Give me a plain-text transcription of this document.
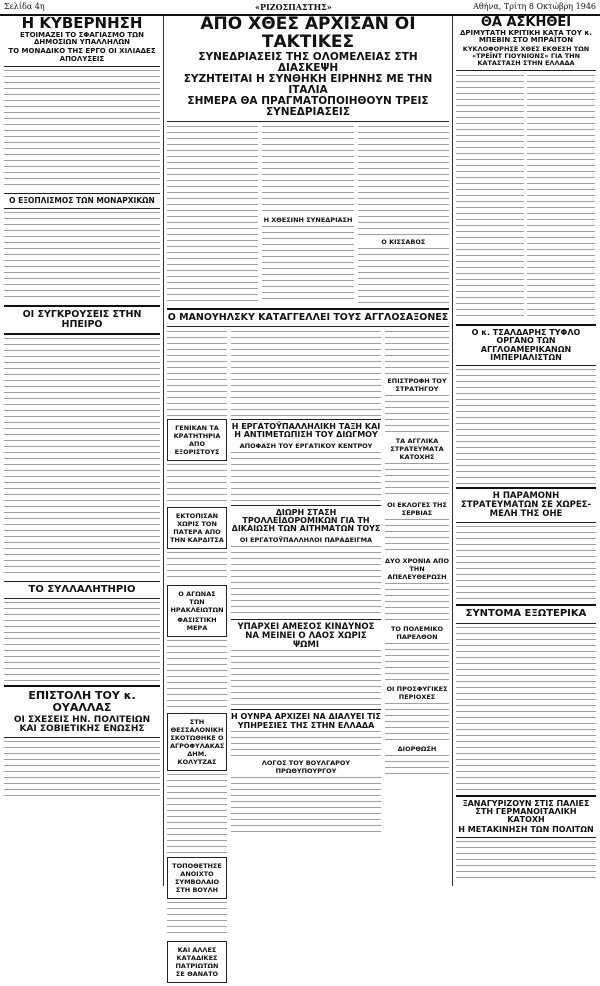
Σελίδα 4η	«ΡΙΖΟΣΠΑΣΤΗΣ»	Αθήνα, Τρίτη 8 Οκτώβρη 1946
Η ΚΥΒΕΡΝΗΣΗ
ΕΤΟΙΜΑΖΕΙ ΤΟ ΣΦΑΓΙΑΣΜΟ ΤΩΝ ΔΗΜΟΣΙΩΝ ΥΠΑΛΛΗΛΩΝ
ΤΟ ΜΟΝΑΔΙΚΟ ΤΗΣ ΕΡΓΟ ΟΙ ΧΙΛΙΑΔΕΣ ΑΠΟΛΥΣΕΙΣ
Ο ΕΞΟΠΛΙΣΜΟΣ ΤΩΝ ΜΟΝΑΡΧΙΚΩΝ
ΟΙ ΣΥΓΚΡΟΥΣΕΙΣ ΣΤΗΝ ΗΠΕΙΡΟ
ΤΟ ΣΥΛΛΑΛΗΤΗΡΙΟ
ΕΠΙΣΤΟΛΗ ΤΟΥ κ. ΟΥΑΛΛΑΣ
ΟΙ ΣΧΕΣΕΙΣ ΗΝ. ΠΟΛΙΤΕΙΩΝ ΚΑΙ ΣΟΒΙΕΤΙΚΗΣ ΕΝΩΣΗΣ
ΑΠΟ ΧΘΕΣ ΑΡΧΙΣΑΝ ΟΙ ΤΑΚΤΙΚΕΣ
ΣΥΝΕΔΡΙΑΣΕΙΣ ΤΗΣ ΟΛΟΜΕΛΕΙΑΣ ΣΤΗ ΔΙΑΣΚΕΨΗ
ΣΥΖΗΤΕΙΤΑΙ Η ΣΥΝΘΗΚΗ ΕΙΡΗΝΗΣ ΜΕ ΤΗΝ ΙΤΑΛΙΑ
ΣΗΜΕΡΑ ΘΑ ΠΡΑΓΜΑΤΟΠΟΙΗΘΟΥΝ ΤΡΕΙΣ ΣΥΝΕΔΡΙΑΣΕΙΣ
Η ΧΘΕΣΙΝΗ ΣΥΝΕΔΡΙΑΣΗ
Ο ΚΙΣΣΑΒΟΣ
Ο ΜΑΝΟΥΗΛΣΚΥ ΚΑΤΑΓΓΕΛΛΕΙ ΤΟΥΣ ΑΓΓΛΟΣΑΞΟΝΕΣ
ΓΕΝΙΚΑΝ ΤΑ ΚΡΑΤΗΤΗΡΙΑ ΑΠΟ ΕΞΟΡΙΣΤΟΥΣ
ΕΚΤΟΠΙΣΑΝ ΧΩΡΙΣ ΤΟΝ ΠΑΤΕΡΑ ΑΠΟ ΤΗΝ ΚΑΡΔΙΤΣΑ
Ο ΑΓΩΝΑΣ ΤΩΝ ΗΡΑΚΛΕΙΩΤΩΝ
ΦΑΣΙΣΤΙΚΗ ΜΕΡΑ
ΣΤΗ ΘΕΣΣΑΛΟΝΙΚΗ ΣΚΟΤΩΘΗΚΕ Ο ΑΓΡΟΦΥΛΑΚΑΣ ΔΗΜ. ΚΟΛΥΤΖΑΣ
ΤΟΠΟΘΕΤΗΣΕ ΑΝΟΙΧΤΟ ΣΥΜΒΟΛΑΙΟ ΣΤΗ ΒΟΥΛΗ
ΚΑΙ ΑΛΛΕΣ ΚΑΤΑΔΙΚΕΣ ΠΑΤΡΙΩΤΩΝ ΣΕ ΘΑΝΑΤΟ
Η ΕΡΓΑΤΟΫΠΑΛΛΗΛΙΚΗ ΤΑΞΗ ΚΑΙ Η ΑΝΤΙΜΕΤΩΠΙΣΗ ΤΟΥ ΔΙΩΓΜΟΥ
ΑΠΟΦΑΣΗ ΤΟΥ ΕΡΓΑΤΙΚΟΥ ΚΕΝΤΡΟΥ
ΔΙΩΡΗ ΣΤΑΣΗ ΤΡΟΛΛΕΪΔΟΡΟΜΙΚΩΝ ΓΙΑ ΤΗ ΔΙΚΑΙΩΣΗ ΤΩΝ ΑΙΤΗΜΑΤΩΝ ΤΟΥΣ
ΟΙ ΕΡΓΑΤΟΫΠΑΛΛΗΛΟΙ ΠΑΡΑΔΕΙΓΜΑ
ΥΠΑΡΧΕΙ ΑΜΕΣΟΣ ΚΙΝΔΥΝΟΣ ΝΑ ΜΕΙΝΕΙ Ο ΛΑΟΣ ΧΩΡΙΣ ΨΩΜΙ
Η ΟΥΝΡΑ ΑΡΧΙΖΕΙ ΝΑ ΔΙΑΛΥΕΙ ΤΙΣ ΥΠΗΡΕΣΙΕΣ ΤΗΣ ΣΤΗΝ ΕΛΛΑΔΑ
ΛΟΓΟΣ ΤΟΥ ΒΟΥΛΓΑΡΟΥ ΠΡΩΘΥΠΟΥΡΓΟΥ
ΕΠΙΣΤΡΟΦΗ ΤΟΥ ΣΤΡΑΤΗΓΟΥ
ΤΑ ΑΓΓΛΙΚΑ ΣΤΡΑΤΕΥΜΑΤΑ ΚΑΤΟΧΗΣ
ΟΙ ΕΚΛΟΓΕΣ ΤΗΣ ΣΕΡΒΙΑΣ
ΔΥΟ ΧΡΟΝΙΑ ΑΠΟ ΤΗΝ ΑΠΕΛΕΥΘΕΡΩΣΗ
ΤΟ ΠΟΛΕΜΙΚΟ ΠΑΡΕΛΘΟΝ
ΟΙ ΠΡΟΣΦΥΓΙΚΕΣ ΠΕΡΙΟΧΕΣ
ΔΙΟΡΘΩΣΗ
ΘΑ ΑΣΚΗΘΕΙ
ΔΡΙΜΥΤΑΤΗ ΚΡΙΤΙΚΗ ΚΑΤΑ ΤΟΥ κ. ΜΠΕΒΙΝ ΣΤΟ ΜΠΡΑΪΤΟΝ
ΚΥΚΛΟΦΟΡΗΣΕ ΧΘΕΣ ΕΚΘΕΣΗ ΤΩΝ «ΤΡΕΪΝΤ ΓΙΟΥΝΙΟΝΣ» ΓΙΑ ΤΗΝ ΚΑΤΑΣΤΑΣΗ ΣΤΗΝ ΕΛΛΑΔΑ
Ο κ. ΤΣΑΛΔΑΡΗΣ ΤΥΦΛΟ ΟΡΓΑΝΟ ΤΩΝ ΑΓΓΛΟΑΜΕΡΙΚΑΝΩΝ ΙΜΠΕΡΙΑΛΙΣΤΩΝ
Η ΠΑΡΑΜΟΝΗ ΣΤΡΑΤΕΥΜΑΤΩΝ ΣΕ ΧΩΡΕΣ-ΜΕΛΗ ΤΗΣ ΟΗΕ
ΣΥΝΤΟΜΑ ΕΞΩΤΕΡΙΚΑ
ΞΑΝΑΓΥΡΙΖΟΥΝ ΣΤΙΣ ΠΑΛΙΕΣ ΣΤΗ ΓΕΡΜΑΝΟΙΤΑΛΙΚΗ ΚΑΤΟΧΗ
Η ΜΕΤΑΚΙΝΗΣΗ ΤΩΝ ΠΟΛΙΤΩΝ
